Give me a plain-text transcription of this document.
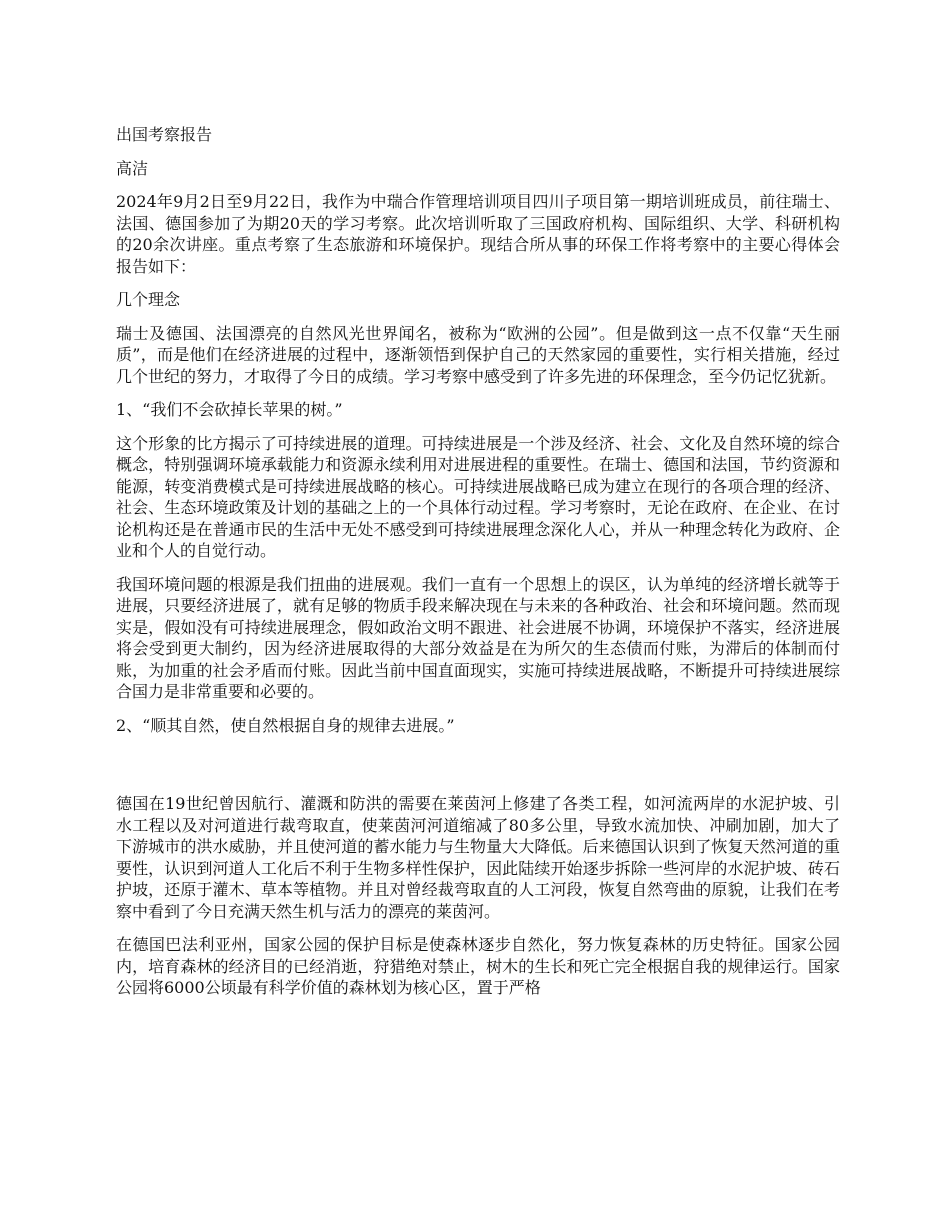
出国考察报告

高洁

2024年9月2日至9月22日，我作为中瑞合作管理培训项目四川子项目第一期培训班成员，前往瑞士、法国、德国参加了为期20天的学习考察。此次培训听取了三国政府机构、国际组织、大学、科研机构的20余次讲座。重点考察了生态旅游和环境保护。现结合所从事的环保工作将考察中的主要心得体会报告如下：

几个理念

瑞士及德国、法国漂亮的自然风光世界闻名，被称为“欧洲的公园”。但是做到这一点不仅靠“天生丽质”，而是他们在经济进展的过程中，逐渐领悟到保护自己的天然家园的重要性，实行相关措施，经过几个世纪的努力，才取得了今日的成绩。学习考察中感受到了许多先进的环保理念，至今仍记忆犹新。

1、“我们不会砍掉长苹果的树。”

这个形象的比方揭示了可持续进展的道理。可持续进展是一个涉及经济、社会、文化及自然环境的综合概念，特别强调环境承载能力和资源永续利用对进展进程的重要性。在瑞士、德国和法国，节约资源和能源，转变消费模式是可持续进展战略的核心。可持续进展战略已成为建立在现行的各项合理的经济、社会、生态环境政策及计划的基础之上的一个具体行动过程。学习考察时，无论在政府、在企业、在讨论机构还是在普通市民的生活中无处不感受到可持续进展理念深化人心，并从一种理念转化为政府、企业和个人的自觉行动。

我国环境问题的根源是我们扭曲的进展观。我们一直有一个思想上的误区，认为单纯的经济增长就等于进展，只要经济进展了，就有足够的物质手段来解决现在与未来的各种政治、社会和环境问题。然而现实是，假如没有可持续进展理念，假如政治文明不跟进、社会进展不协调，环境保护不落实，经济进展将会受到更大制约，因为经济进展取得的大部分效益是在为所欠的生态债而付账，为滞后的体制而付账，为加重的社会矛盾而付账。因此当前中国直面现实，实施可持续进展战略，不断提升可持续进展综合国力是非常重要和必要的。

2、“顺其自然，使自然根据自身的规律去进展。”

德国在19世纪曾因航行、灌溉和防洪的需要在莱茵河上修建了各类工程，如河流两岸的水泥护坡、引水工程以及对河道进行裁弯取直，使莱茵河河道缩减了80多公里，导致水流加快、冲刷加剧，加大了下游城市的洪水威胁，并且使河道的蓄水能力与生物量大大降低。后来德国认识到了恢复天然河道的重要性，认识到河道人工化后不利于生物多样性保护，因此陆续开始逐步拆除一些河岸的水泥护坡、砖石护坡，还原于灌木、草本等植物。并且对曾经裁弯取直的人工河段，恢复自然弯曲的原貌，让我们在考察中看到了今日充满天然生机与活力的漂亮的莱茵河。

在德国巴法利亚州，国家公园的保护目标是使森林逐步自然化，努力恢复森林的历史特征。国家公园内，培育森林的经济目的已经消逝，狩猎绝对禁止，树木的生长和死亡完全根据自我的规律运行。国家公园将6000公顷最有科学价值的森林划为核心区，置于严格
